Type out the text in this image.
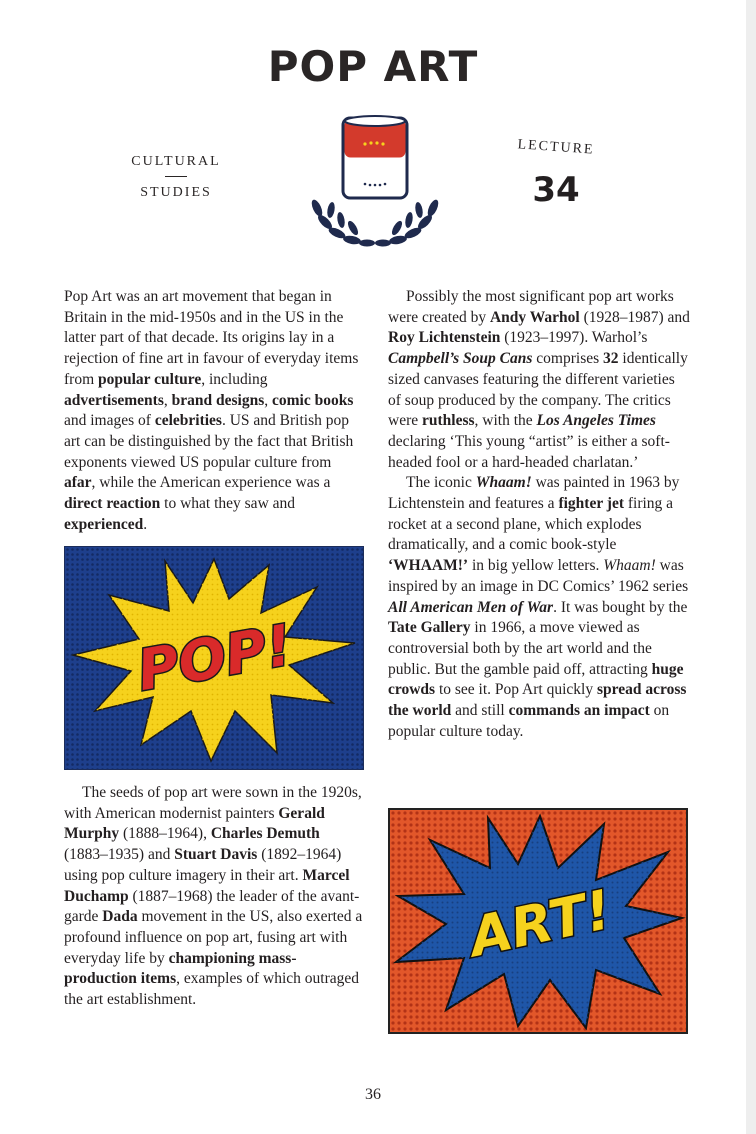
POP ART
CULTURAL
STUDIES
LECTURE
34

Pop Art was an art movement that began in Britain in the mid-1950s and in the US in the latter part of that decade. Its origins lay in a rejection of fine art in favour of everyday items from popular culture, including advertisements, brand designs, comic books and images of celebrities. US and British pop art can be distinguished by the fact that British exponents viewed US popular culture from afar, while the American experience was a direct reaction to what they saw and experienced.

POP!

The seeds of pop art were sown in the 1920s, with American modernist painters Gerald Murphy (1888–1964), Charles Demuth (1883–1935) and Stuart Davis (1892–1964) using pop culture imagery in their art. Marcel Duchamp (1887–1968) the leader of the avant-garde Dada movement in the US, also exerted a profound influence on pop art, fusing art with everyday life by championing mass-production items, examples of which outraged the art establishment.

Possibly the most significant pop art works were created by Andy Warhol (1928–1987) and Roy Lichtenstein (1923–1997). Warhol’s Campbell’s Soup Cans comprises 32 identically sized canvases featuring the different varieties of soup produced by the company. The critics were ruthless, with the Los Angeles Times declaring ‘This young “artist” is either a soft-headed fool or a hard-headed charlatan.’

The iconic Whaam! was painted in 1963 by Lichtenstein and features a fighter jet firing a rocket at a second plane, which explodes dramatically, and a comic book-style ‘WHAAM!’ in big yellow letters. Whaam! was inspired by an image in DC Comics’ 1962 series All American Men of War. It was bought by the Tate Gallery in 1966, a move viewed as controversial both by the art world and the public. But the gamble paid off, attracting huge crowds to see it. Pop Art quickly spread across the world and still commands an impact on popular culture today.

ART!
36
